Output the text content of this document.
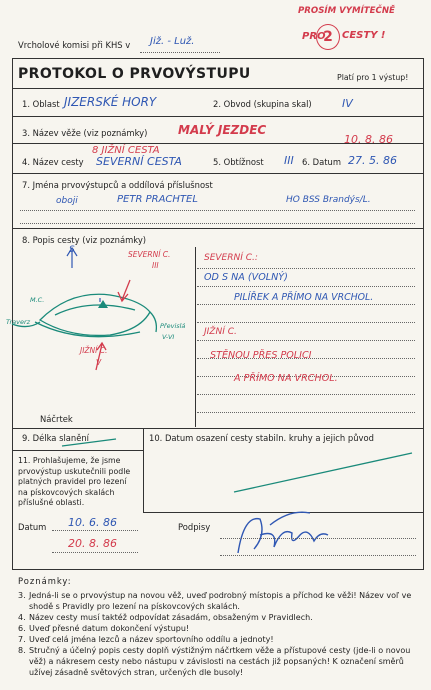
Vrcholové komisi při KHS v Již. - Luž.
PROSÍM VYMÍTEČNĚ
PRO
2 CESTY !
PROTOKOL O PRVOVÝSTUPU	Platí pro 1 výstup!
1. Oblast JIZERSKÉ HORY	2. Obvod (skupina skal)	IV
3. Název věže (viz poznámky)	MALÝ JEZDEC
10. 8. 86
8 JIŽNÍ CESTA
4. Název cesty SEVERNÍ CESTA	5. Obtížnost III 6. Datum 27. 5. 86
7. Jména prvovýstupců a oddílová příslušnost
oboji	PETR PRACHTEL	HO BSS Brandýs/L.
8. Popis cesty (viz poznámky)
SEVERNÍ C.:
OD S NA (VOLNÝ)
PILÍŘEK A PŘÍMO NA VRCHOL.
JIŽNÍ C.
STĚNOU PŘES POLICI
A PŘÍMO NA VRCHOL.
S	SEVERNÍ C.
III
JIŽNÍ C.
V
M.C.
Traverz	Převislá
V-VI
Náčrtek
9. Délka slanění	10. Datum osazení cesty stabiln. kruhy a jejich původ
11. Prohlašujeme, že jsme prvovýstup uskutečnili podle platných pravidel pro lezení na pískovcových skalách příslušné oblasti.
Datum 10. 6. 86
20. 8. 86
Podpisy
Poznámky:
3. Jedná-li se o prvovýstup na novou věž, uveď podrobný místopis a příchod ke věži! Název voľ ve shodě s Pravidly pro lezení na pískovcových skalách.
4. Název cesty musí taktéž odpovídat zásadám, obsaženým v Pravidlech.
6. Uveď přesné datum dokončení výstupu!
7. Uveď celá jména lezců a název sportovního oddílu a jednoty!
8. Stručný a účelný popis cesty doplň výstižným náčrtkem věže a přístupové cesty (jde-li o novou věž) a nákresem cesty nebo nástupu v závislosti na cestách již popsaných! K označení směrů užívej zásadně světových stran, určených dle busoly!
